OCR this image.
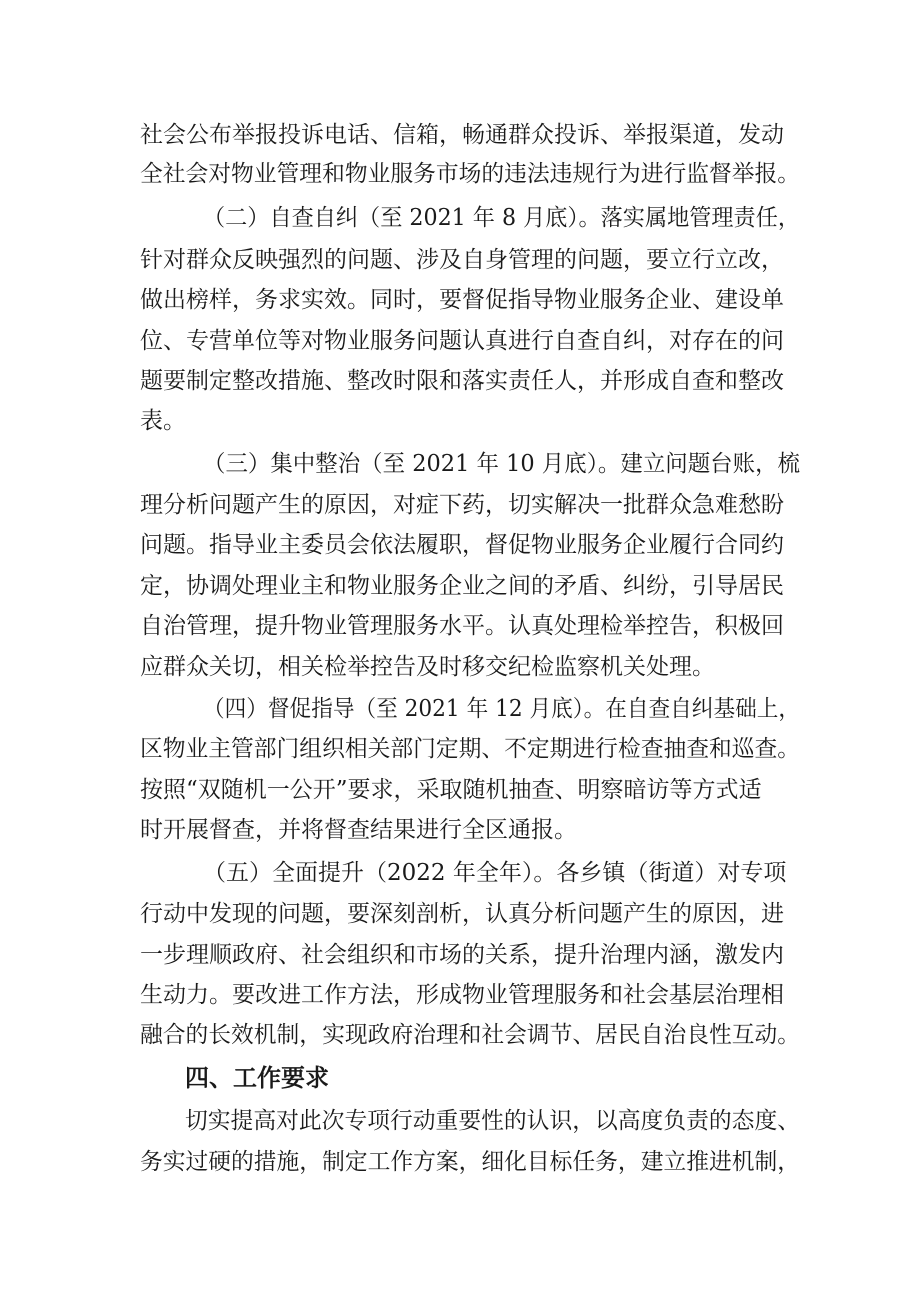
社会公布举报投诉电话、信箱，畅通群众投诉、举报渠道，发动
全社会对物业管理和物业服务市场的违法违规行为进行监督举报。
（二）自查自纠（至 2021 年 8 月底）。落实属地管理责任，
针对群众反映强烈的问题、涉及自身管理的问题，要立行立改，
做出榜样，务求实效。同时，要督促指导物业服务企业、建设单
位、专营单位等对物业服务问题认真进行自查自纠，对存在的问
题要制定整改措施、整改时限和落实责任人，并形成自查和整改
表。
（三）集中整治（至 2021 年 10 月底）。建立问题台账，梳
理分析问题产生的原因，对症下药，切实解决一批群众急难愁盼
问题。指导业主委员会依法履职，督促物业服务企业履行合同约
定，协调处理业主和物业服务企业之间的矛盾、纠纷，引导居民
自治管理，提升物业管理服务水平。认真处理检举控告，积极回
应群众关切，相关检举控告及时移交纪检监察机关处理。
（四）督促指导（至 2021 年 12 月底）。在自查自纠基础上，
区物业主管部门组织相关部门定期、不定期进行检查抽查和巡查。
按照“双随机一公开”要求，采取随机抽查、明察暗访等方式适
时开展督查，并将督查结果进行全区通报。
（五）全面提升（2022 年全年）。各乡镇（街道）对专项
行动中发现的问题，要深刻剖析，认真分析问题产生的原因，进
一步理顺政府、社会组织和市场的关系，提升治理内涵，激发内
生动力。要改进工作方法，形成物业管理服务和社会基层治理相
融合的长效机制，实现政府治理和社会调节、居民自治良性互动。
四、工作要求
切实提高对此次专项行动重要性的认识，以高度负责的态度、
务实过硬的措施，制定工作方案，细化目标任务，建立推进机制，
